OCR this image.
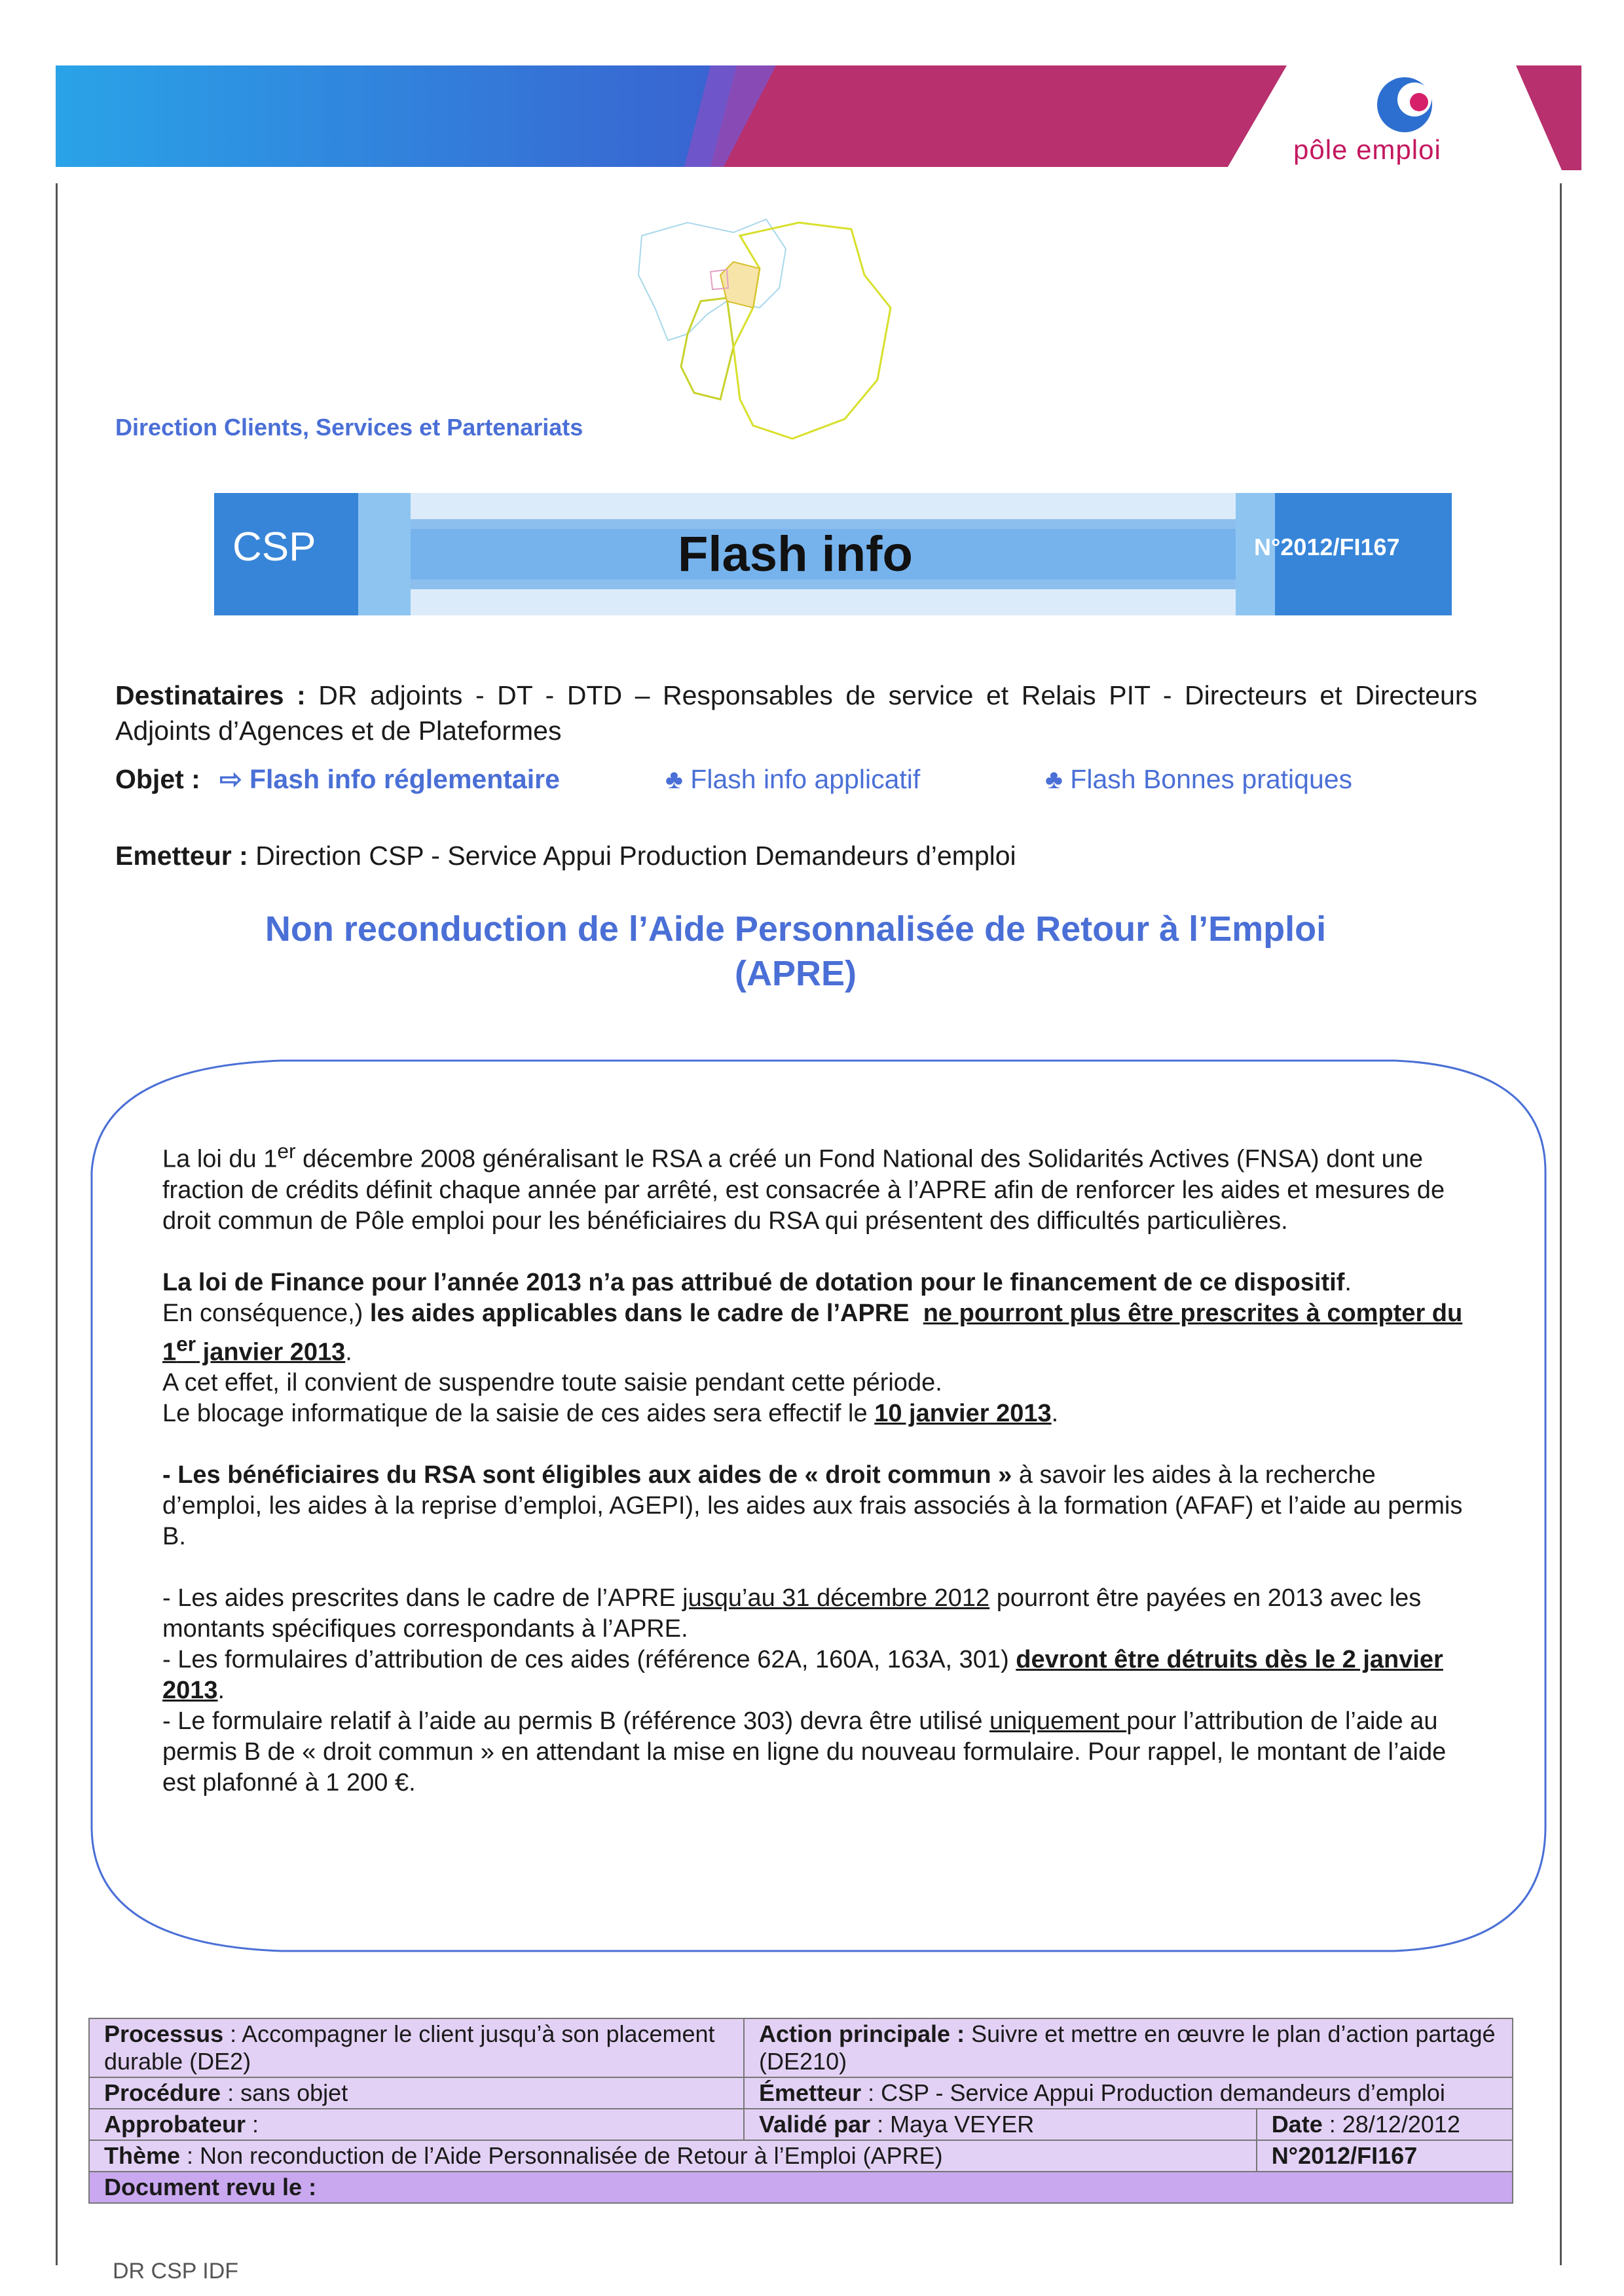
pôle emploi
Direction Clients, Services et Partenariats
CSP	Flash info	N°2012/FI167
Destinataires : DR adjoints - DT - DTD – Responsables de service et Relais PIT - Directeurs et Directeurs Adjoints d’Agences et de Plateformes
Objet : ⇨ Flash info réglementaire	♣ Flash info applicatif	♣ Flash Bonnes pratiques
Emetteur : Direction CSP - Service Appui Production Demandeurs d’emploi
Non reconduction de l’Aide Personnalisée de Retour à l’Emploi
(APRE)

La loi du 1er décembre 2008 généralisant le RSA a créé un Fond National des Solidarités Actives (FNSA) dont une fraction de crédits définit chaque année par arrêté, est consacrée à l’APRE afin de renforcer les aides et mesures de droit commun de Pôle emploi pour les bénéficiaires du RSA qui présentent des difficultés particulières.

La loi de Finance pour l’année 2013 n’a pas attribué de dotation pour le financement de ce dispositif.

En conséquence,) les aides applicables dans le cadre de l’APRE ne pourront plus être prescrites à compter du 1er janvier 2013.

A cet effet, il convient de suspendre toute saisie pendant cette période.

Le blocage informatique de la saisie de ces aides sera effectif le 10 janvier 2013.

- Les bénéficiaires du RSA sont éligibles aux aides de « droit commun » à savoir les aides à la recherche d’emploi, les aides à la reprise d’emploi, AGEPI), les aides aux frais associés à la formation (AFAF) et l’aide au permis B.

- Les aides prescrites dans le cadre de l’APRE jusqu’au 31 décembre 2012 pourront être payées en 2013 avec les montants spécifiques correspondants à l’APRE.

- Les formulaires d’attribution de ces aides (référence 62A, 160A, 163A, 301) devront être détruits dès le 2 janvier 2013.

- Le formulaire relatif à l’aide au permis B (référence 303) devra être utilisé uniquement pour l’attribution de l’aide au permis B de « droit commun » en attendant la mise en ligne du nouveau formulaire. Pour rappel, le montant de l’aide est plafonné à 1 200 €.

Processus : Accompagner le client jusqu’à son placement durable (DE2)	Action principale : Suivre et mettre en œuvre le plan d’action partagé (DE210)	
Procédure : sans objet	Émetteur : CSP - Service Appui Production demandeurs d’emploi	
Approbateur :	Validé par : Maya VEYER	Date : 28/12/2012
Thème : Non reconduction de l’Aide Personnalisée de Retour à l’Emploi (APRE)		N°2012/FI167
Document revu le :		
DR CSP IDF
